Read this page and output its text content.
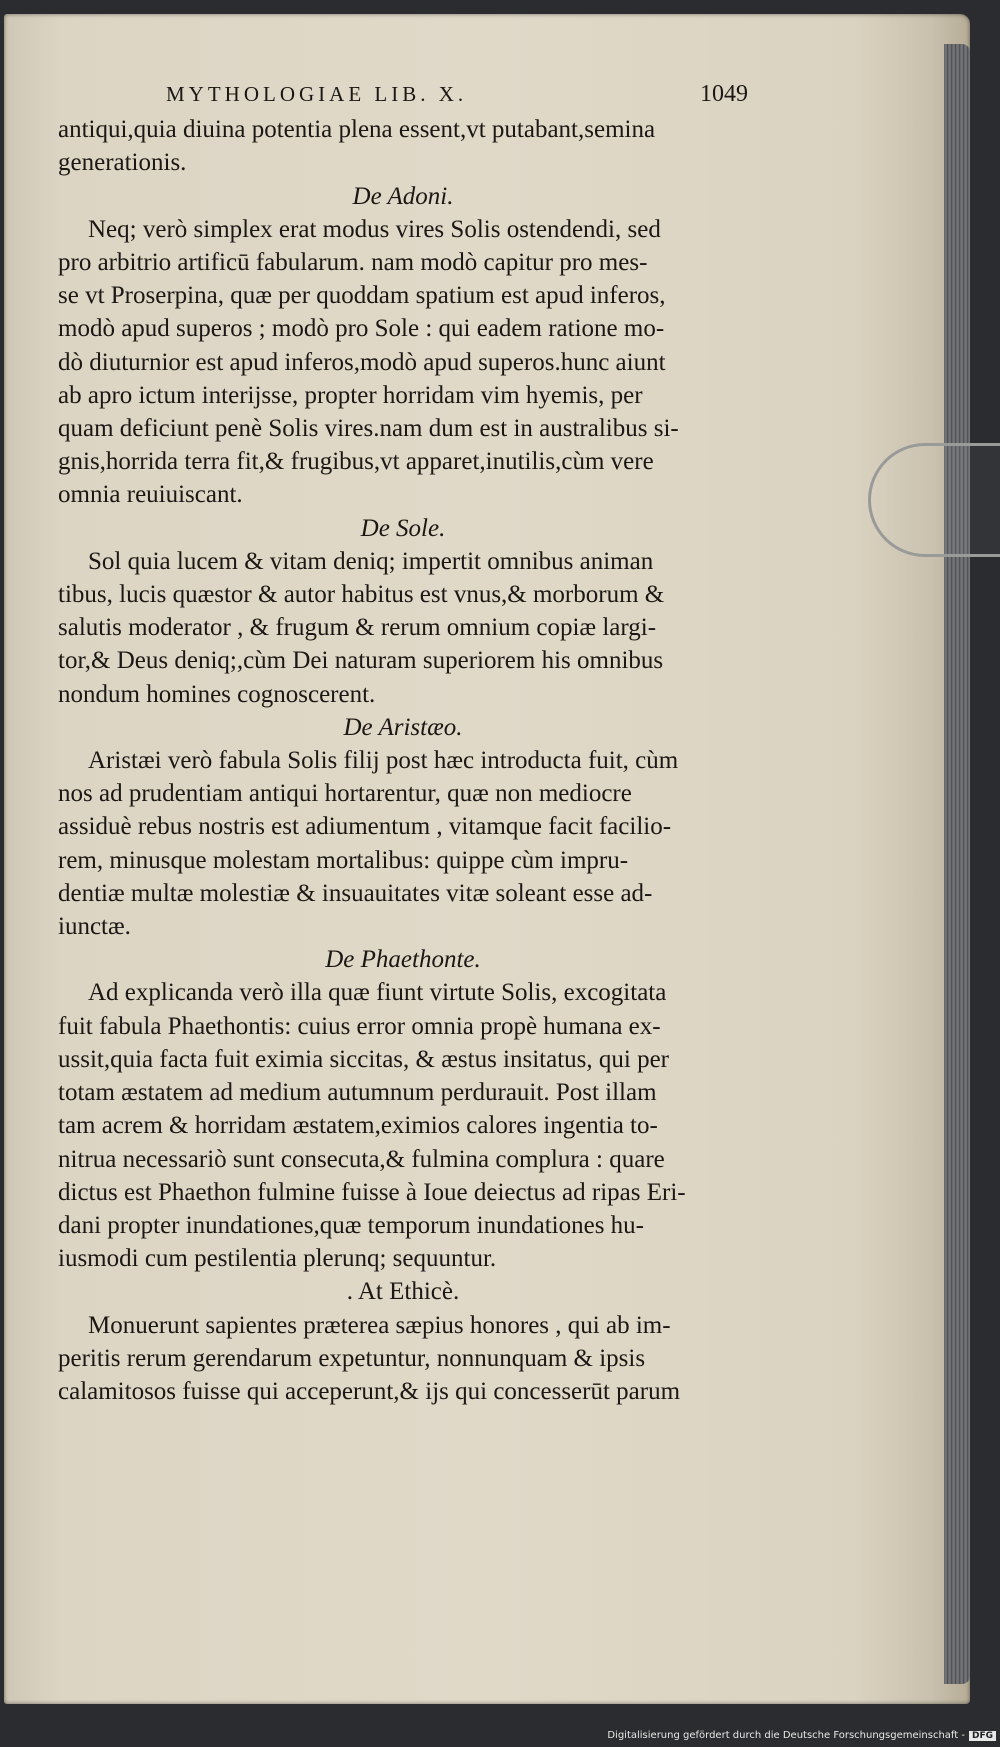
MYTHOLOGIAE LIB. X.	1049
antiqui,quia diuina potentia plena essent,vt putabant,semina
generationis.
De Adoni.
Neq; verò simplex erat modus vires Solis ostendendi, sed
pro arbitrio artificū fabularum. nam modò capitur pro mes-
se vt Proserpina, quæ per quoddam spatium est apud inferos,
modò apud superos ; modò pro Sole : qui eadem ratione mo-
dò diuturnior est apud inferos,modò apud superos.hunc aiunt
ab apro ictum interijsse, propter horridam vim hyemis, per
quam deficiunt penè Solis vires.nam dum est in australibus si-
gnis,horrida terra fit,& frugibus,vt apparet,inutilis,cùm vere
omnia reuiuiscant.
De Sole.
Sol quia lucem & vitam deniq; impertit omnibus animan
tibus, lucis quæstor & autor habitus est vnus,& morborum &
salutis moderator , & frugum & rerum omnium copiæ largi-
tor,& Deus deniq;,cùm Dei naturam superiorem his omnibus
nondum homines cognoscerent.
De Aristæo.
Aristæi verò fabula Solis filij post hæc introducta fuit, cùm
nos ad prudentiam antiqui hortarentur, quæ non mediocre
assiduè rebus nostris est adiumentum , vitamque facit facilio-
rem, minusque molestam mortalibus: quippe cùm impru-
dentiæ multæ molestiæ & insuauitates vitæ soleant esse ad-
iunctæ.
De Phaethonte.
Ad explicanda verò illa quæ fiunt virtute Solis, excogitata
fuit fabula Phaethontis: cuius error omnia propè humana ex-
ussit,quia facta fuit eximia siccitas, & æstus insitatus, qui per
totam æstatem ad medium autumnum perdurauit. Post illam
tam acrem & horridam æstatem,eximios calores ingentia to-
nitrua necessariò sunt consecuta,& fulmina complura : quare
dictus est Phaethon fulmine fuisse à Ioue deiectus ad ripas Eri-
dani propter inundationes,quæ temporum inundationes hu-
iusmodi cum pestilentia plerunq; sequuntur.
. At Ethicè.
Monuerunt sapientes præterea sæpius honores , qui ab im-
peritis rerum gerendarum expetuntur, nonnunquam & ipsis
calamitosos fuisse qui acceperunt,& ijs qui concesserūt parum
Digitalisierung gefördert durch die Deutsche Forschungsgemeinschaft - DFG
